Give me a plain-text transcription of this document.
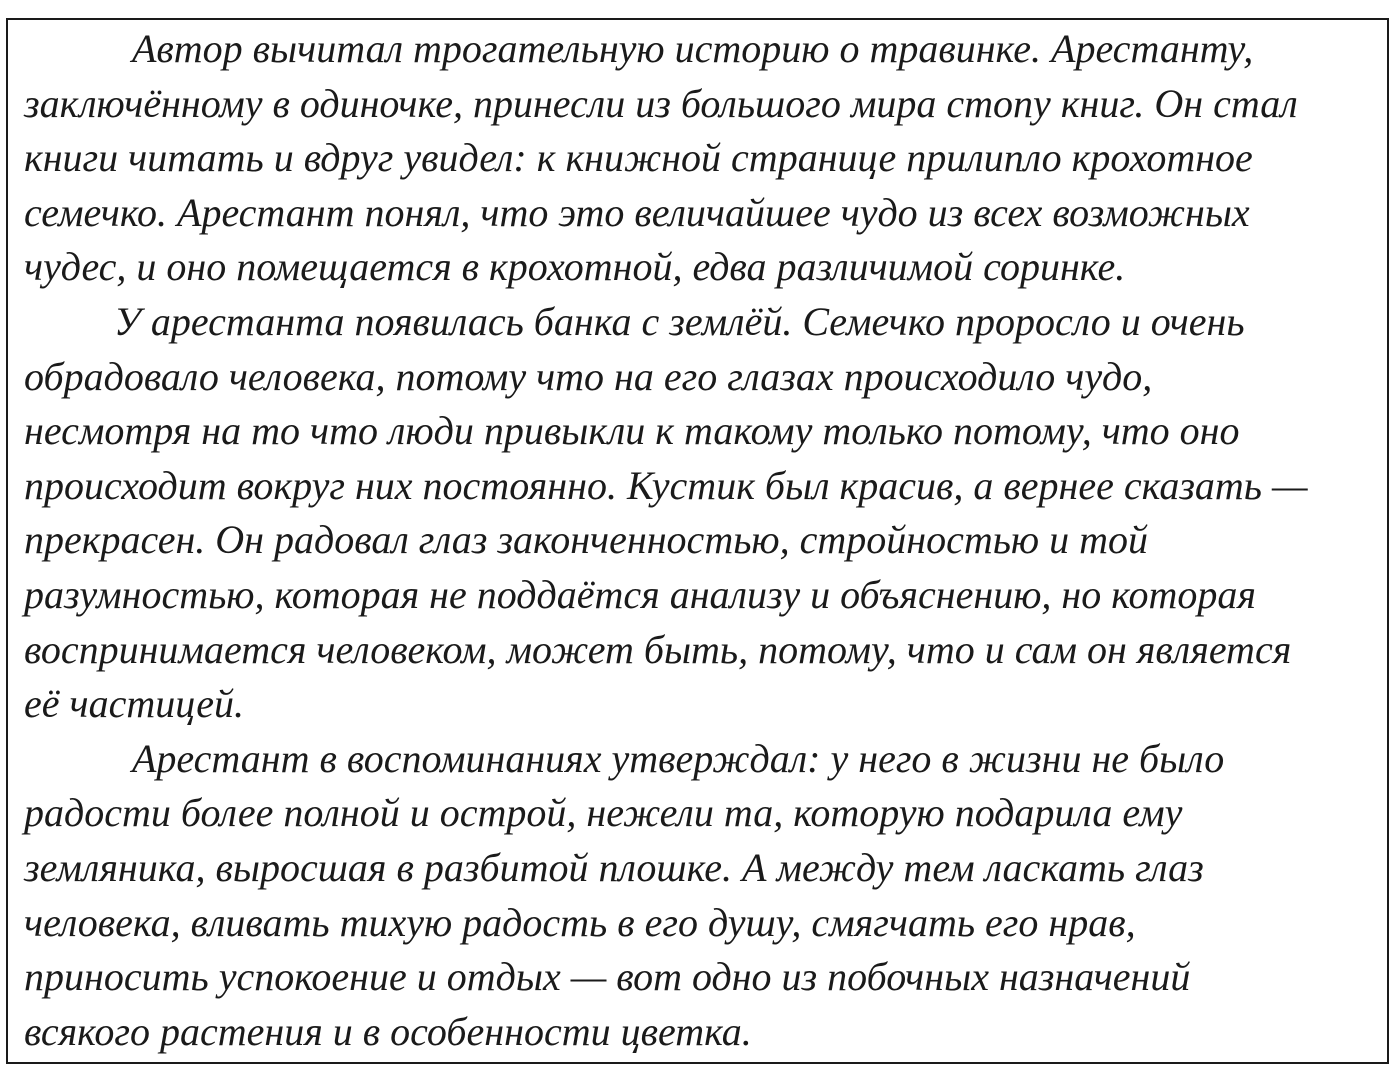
Автор вычитал трогательную историю о травинке. Арестанту,
заключённому в одиночке, принесли из большого мира стопу книг. Он стал
книги читать и вдруг увидел: к книжной странице прилипло крохотное
семечко. Арестант понял, что это величайшее чудо из всех возможных
чудес, и оно помещается в крохотной, едва различимой соринке.
У арестанта появилась банка с землёй. Семечко проросло и очень
обрадовало человека, потому что на его глазах происходило чудо,
несмотря на то что люди привыкли к такому только потому, что оно
происходит вокруг них постоянно. Кустик был красив, а вернее сказать —
прекрасен. Он радовал глаз законченностью, стройностью и той
разумностью, которая не поддаётся анализу и объяснению, но которая
воспринимается человеком, может быть, потому, что и сам он является
её частицей.
Арестант в воспоминаниях утверждал: у него в жизни не было
радости более полной и острой, нежели та, которую подарила ему
земляника, выросшая в разбитой плошке. А между тем ласкать глаз
человека, вливать тихую радость в его душу, смягчать его нрав,
приносить успокоение и отдых — вот одно из побочных назначений
всякого растения и в особенности цветка.
